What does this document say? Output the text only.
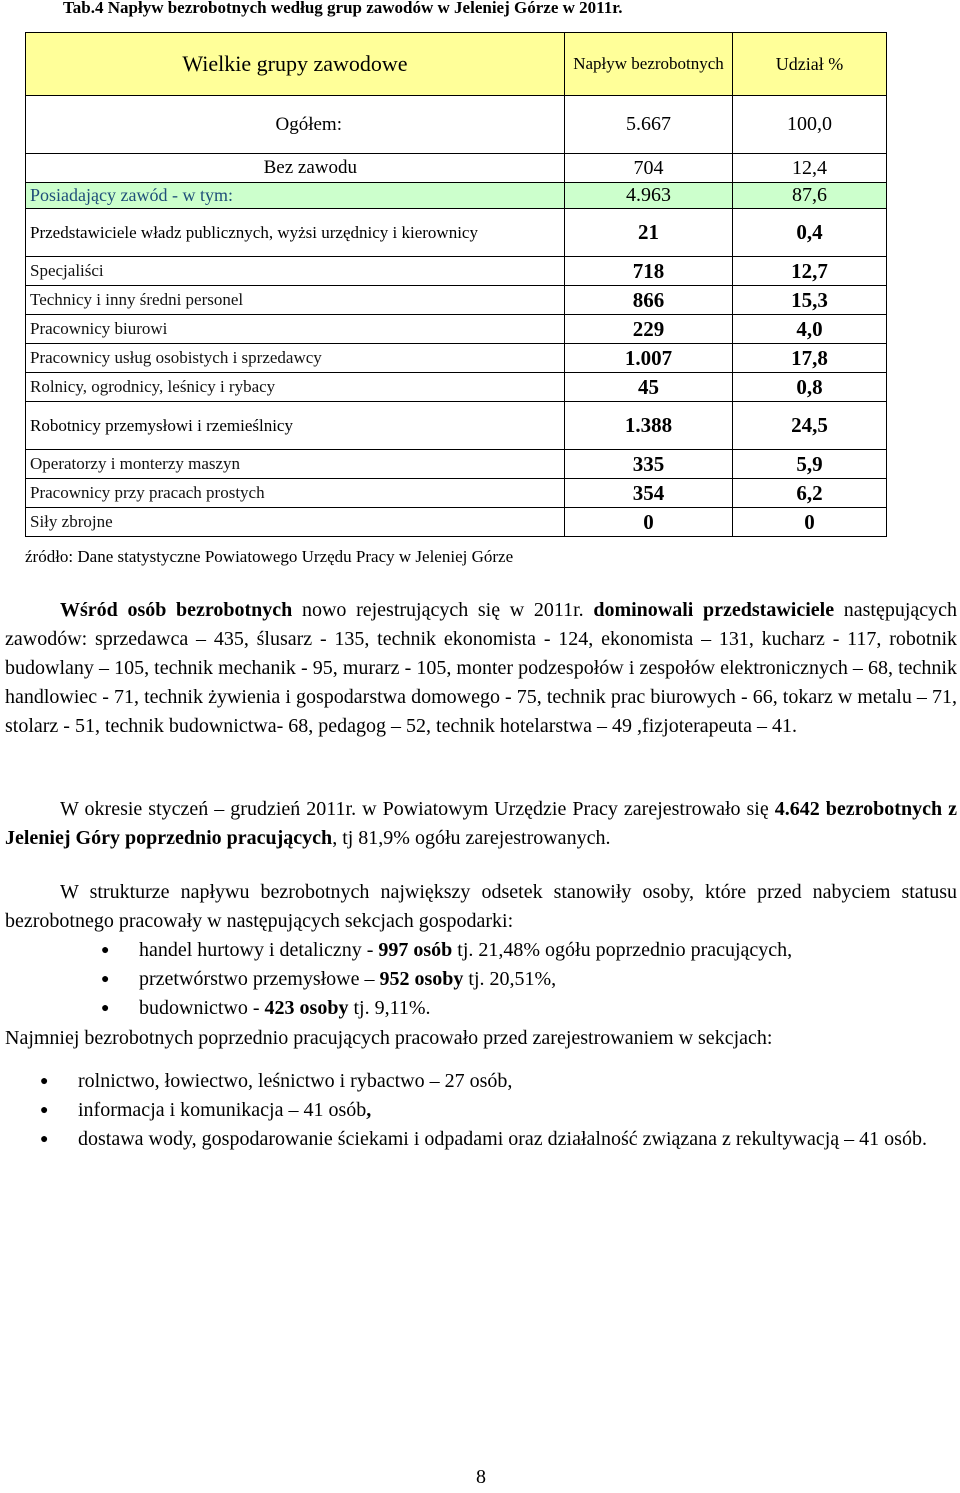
Tab.4 Napływ bezrobotnych według grup zawodów w Jeleniej Górze w 2011r.
Wielkie grupy zawodowe	Napływ bezrobotnych	Udział %
Ogółem:	5.667	100,0
Bez zawodu	704	12,4
Posiadający zawód - w tym:	4.963	87,6
Przedstawiciele władz publicznych, wyżsi urzędnicy i kierownicy	21	0,4
Specjaliści	718	12,7
Technicy i inny średni personel	866	15,3
Pracownicy biurowi	229	4,0
Pracownicy usług osobistych i sprzedawcy	1.007	17,8
Rolnicy, ogrodnicy, leśnicy i rybacy	45	0,8
Robotnicy przemysłowi i rzemieślnicy	1.388	24,5
Operatorzy i monterzy maszyn	335	5,9
Pracownicy przy pracach prostych	354	6,2
Siły zbrojne	0	0
źródło: Dane statystyczne Powiatowego Urzędu Pracy w Jeleniej Górze

Wśród osób bezrobotnych nowo rejestrujących się w 2011r. dominowali przedstawiciele następujących zawodów: sprzedawca – 435, ślusarz - 135, technik ekonomista - 124, ekonomista – 131, kucharz - 117, robotnik budowlany – 105, technik mechanik - 95, murarz - 105, monter podzespołów i zespołów elektronicznych – 68, technik handlowiec - 71, technik żywienia i gospodarstwa domowego - 75, technik prac biurowych - 66, tokarz w metalu – 71, stolarz - 51, technik budownictwa- 68, pedagog – 52, technik hotelarstwa – 49 ,fizjoterapeuta – 41.

W okresie styczeń – grudzień 2011r. w Powiatowym Urzędzie Pracy zarejestrowało się 4.642 bezrobotnych z Jeleniej Góry poprzednio pracujących, tj 81,9% ogółu zarejestrowanych.

W strukturze napływu bezrobotnych największy odsetek stanowiły osoby, które przed nabyciem statusu bezrobotnego pracowały w następujących sekcjach gospodarki:

● handel hurtowy i detaliczny - 997 osób tj. 21,48% ogółu poprzednio pracujących,
● przetwórstwo przemysłowe – 952 osoby tj. 20,51%,
● budownictwo - 423 osoby tj. 9,11%.

Najmniej bezrobotnych poprzednio pracujących pracowało przed zarejestrowaniem w sekcjach:

● rolnictwo, łowiectwo, leśnictwo i rybactwo – 27 osób,
● informacja i komunikacja – 41 osób,
● dostawa wody, gospodarowanie ściekami i odpadami oraz działalność związana z rekultywacją – 41 osób.
8
